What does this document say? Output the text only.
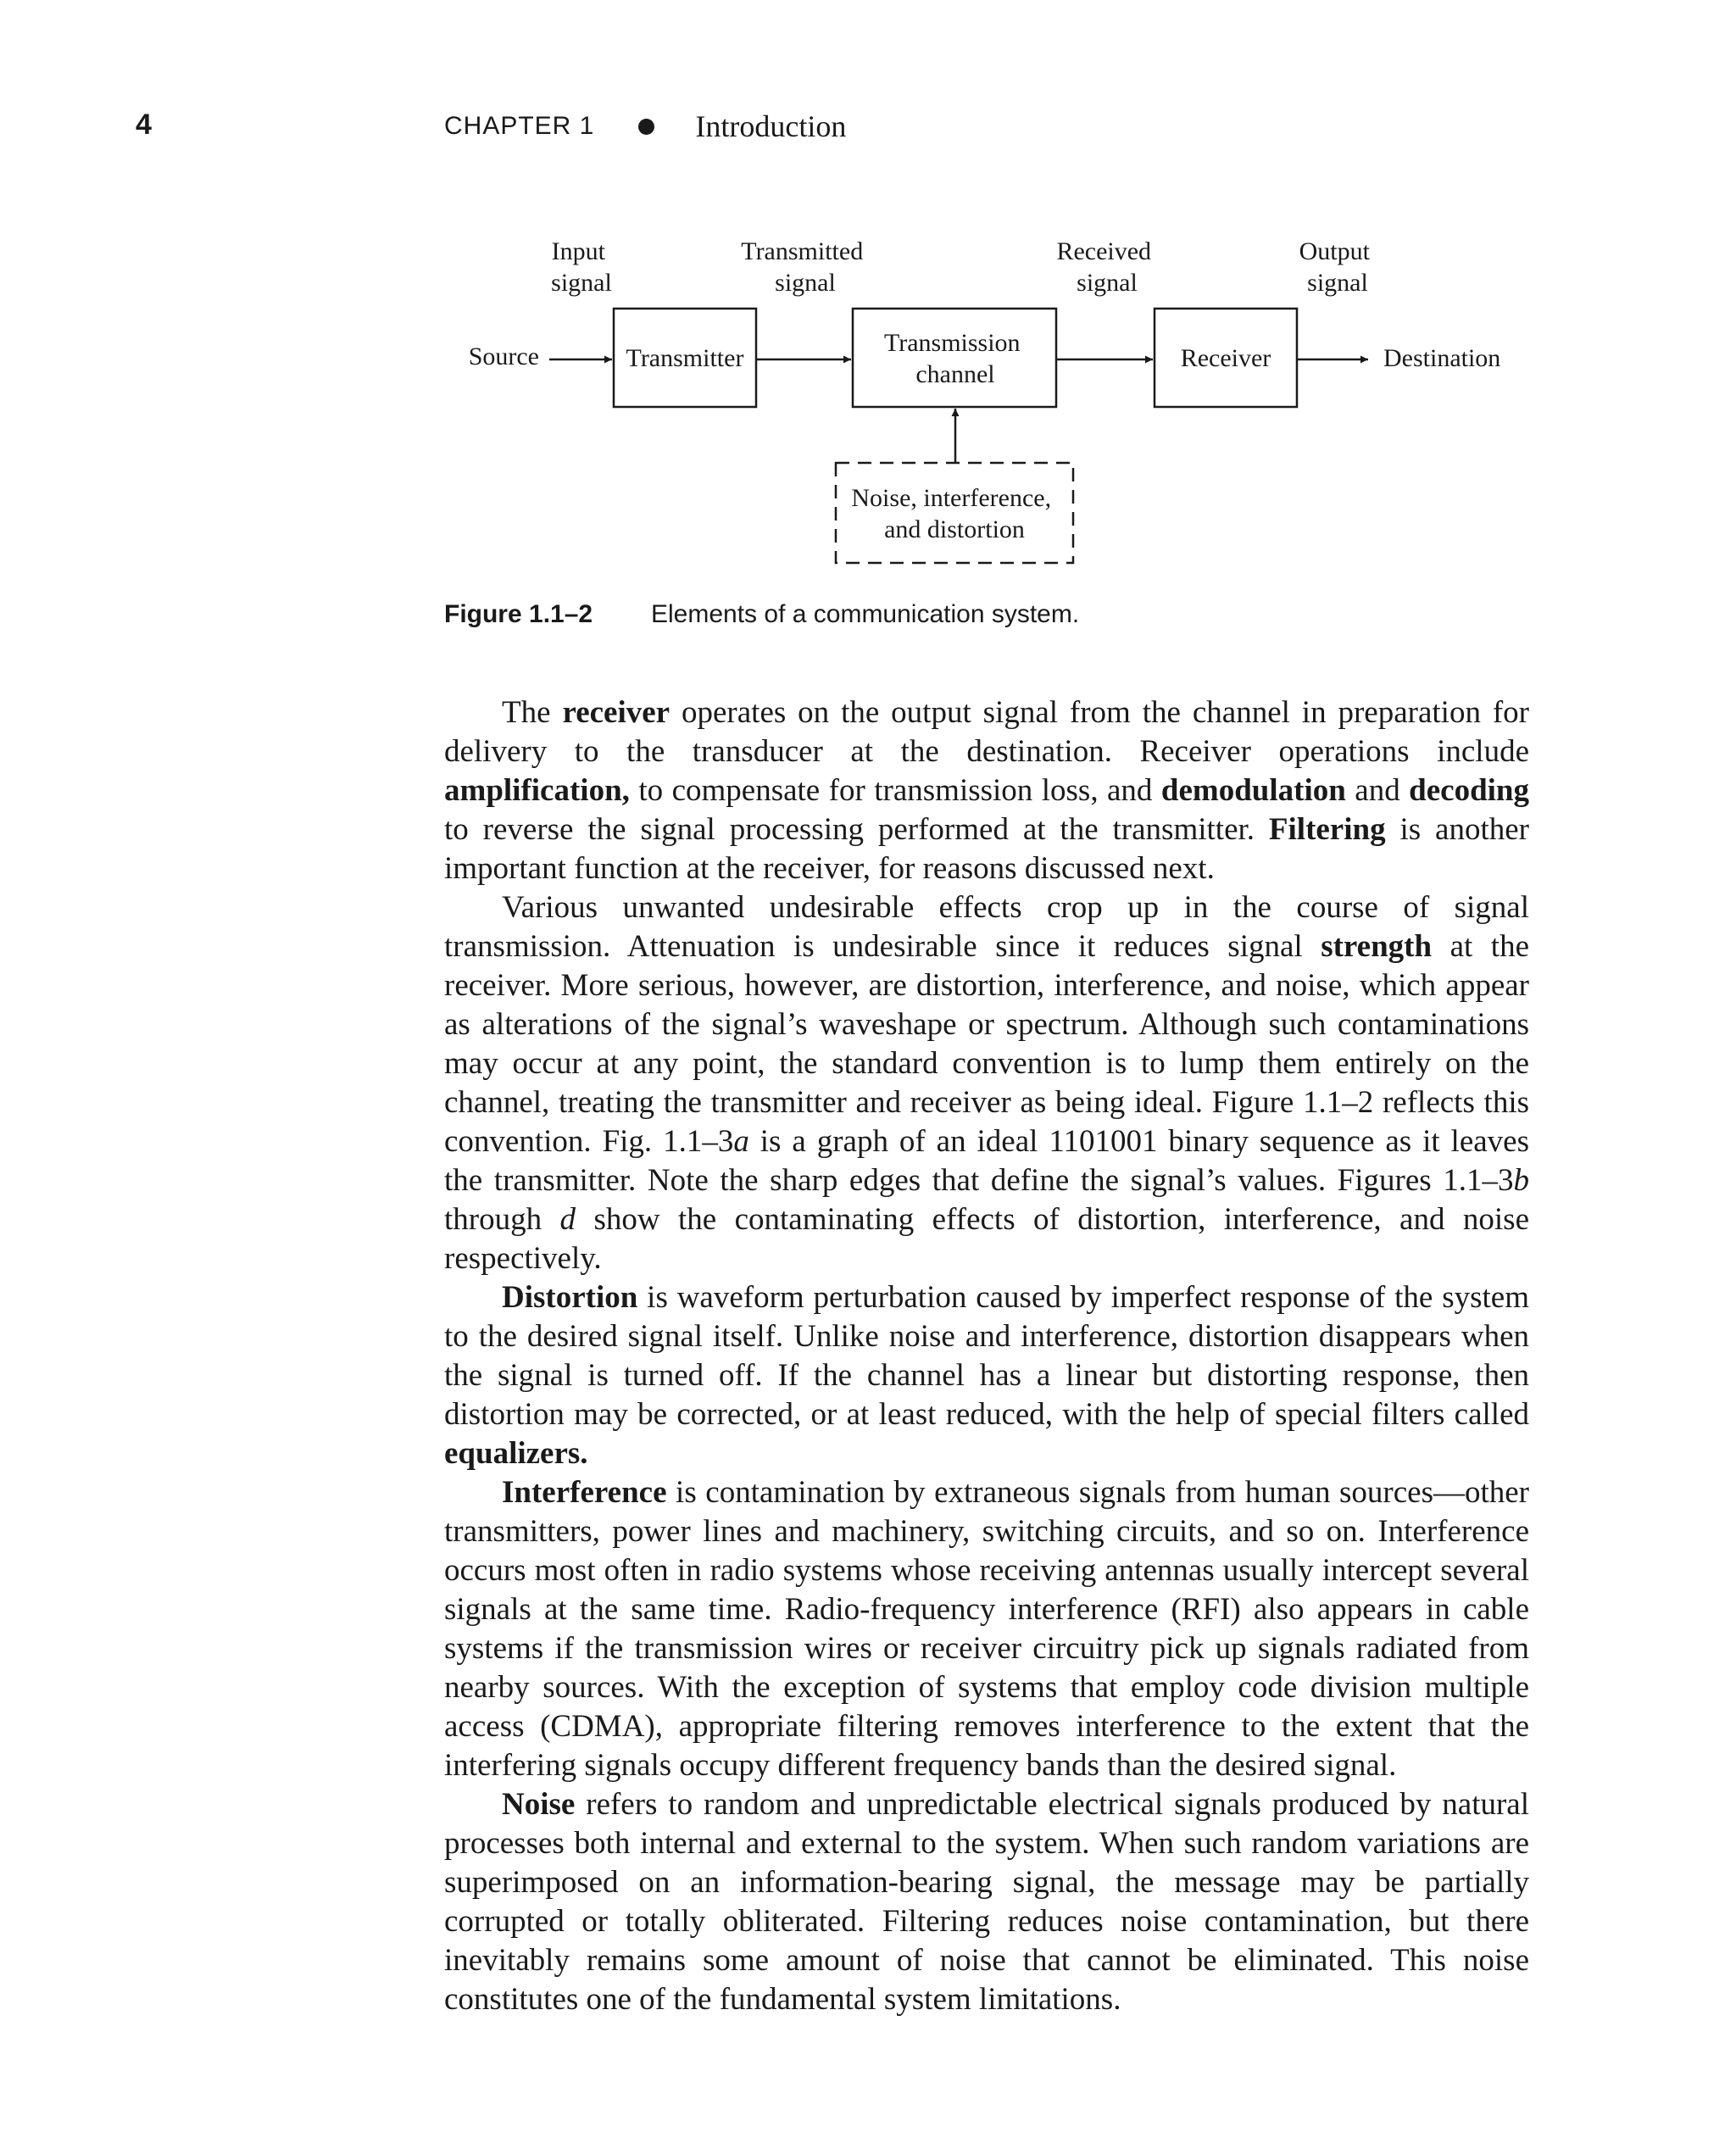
4	CHAPTER 1	Introduction
Input signal
Transmitted signal
Received signal
Output signal
Source	Destination
Transmitter
Transmission channel
Receiver
Noise, interference, and distortion
Figure 1.1–2	Elements of a communication system.

The receiver operates on the output signal from the channel in preparation for delivery to the transducer at the destination. Receiver operations include amplification, to compensate for transmission loss, and demodulation and decoding to reverse the signal processing performed at the transmitter. Filtering is another important function at the receiver, for reasons discussed next.

Various unwanted undesirable effects crop up in the course of signal transmission. Attenuation is undesirable since it reduces signal strength at the receiver. More serious, however, are distortion, interference, and noise, which appear as alterations of the signal’s waveshape or spectrum. Although such contaminations may occur at any point, the standard convention is to lump them entirely on the channel, treating the transmitter and receiver as being ideal. Figure 1.1–2 reflects this convention. Fig. 1.1–3a is a graph of an ideal 1101001 binary sequence as it leaves the transmitter. Note the sharp edges that define the signal’s values. Figures 1.1–3b through d show the contaminating effects of distortion, interference, and noise respectively.

Distortion is waveform perturbation caused by imperfect response of the system to the desired signal itself. Unlike noise and interference, distortion disappears when the signal is turned off. If the channel has a linear but distorting response, then distortion may be corrected, or at least reduced, with the help of special filters called equalizers.

Interference is contamination by extraneous signals from human sources—other transmitters, power lines and machinery, switching circuits, and so on. Interference occurs most often in radio systems whose receiving antennas usually intercept several signals at the same time. Radio-frequency interference (RFI) also appears in cable systems if the transmission wires or receiver circuitry pick up signals radiated from nearby sources. With the exception of systems that employ code division multiple access (CDMA), appropriate filtering removes interference to the extent that the interfering signals occupy different frequency bands than the desired signal.

Noise refers to random and unpredictable electrical signals produced by natural processes both internal and external to the system. When such random variations are superimposed on an information-bearing signal, the message may be partially corrupted or totally obliterated. Filtering reduces noise contamination, but there inevitably remains some amount of noise that cannot be eliminated. This noise constitutes one of the fundamental system limitations.
